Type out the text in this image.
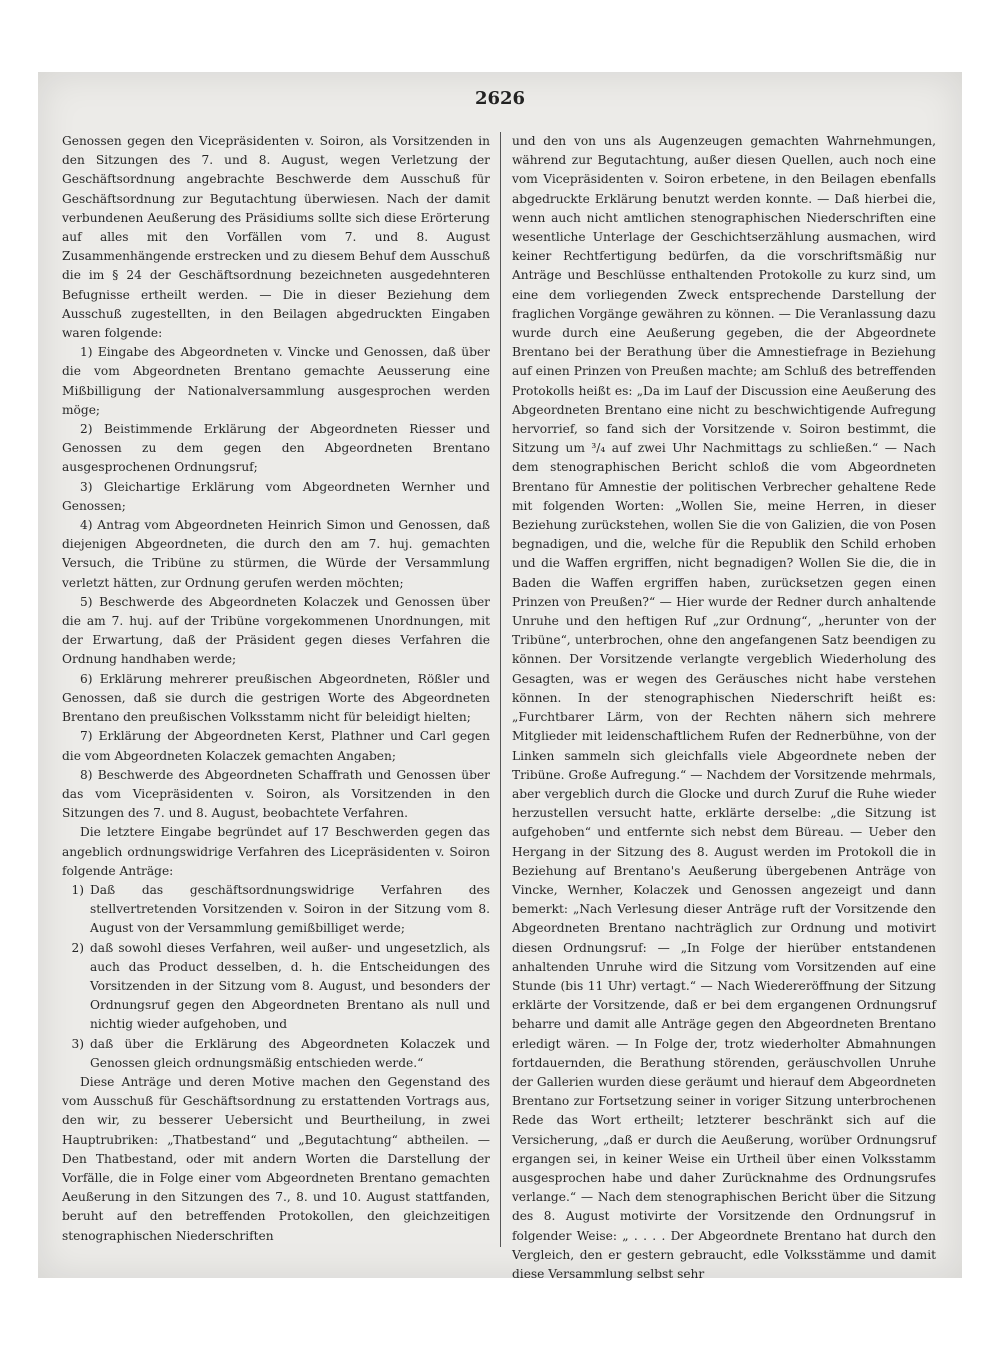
2626

Genossen gegen den Vicepräsidenten v. Soiron, als Vorsitzenden in den Sitzungen des 7. und 8. August, wegen Verletzung der Geschäftsordnung angebrachte Beschwerde dem Ausschuß für Geschäftsordnung zur Begutachtung überwiesen. Nach der damit verbundenen Aeußerung des Präsidiums sollte sich diese Erörterung auf alles mit den Vorfällen vom 7. und 8. August Zusammenhängende erstrecken und zu diesem Behuf dem Ausschuß die im § 24 der Geschäftsordnung bezeichneten ausgedehnteren Befugnisse ertheilt werden. — Die in dieser Beziehung dem Ausschuß zugestellten, in den Beilagen abgedruckten Eingaben waren folgende:

1) Eingabe des Abgeordneten v. Vincke und Genossen, daß über die vom Abgeordneten Brentano gemachte Aeusserung eine Mißbilligung der Nationalversammlung ausgesprochen werden möge;

2) Beistimmende Erklärung der Abgeordneten Riesser und Genossen zu dem gegen den Abgeordneten Brentano ausgesprochenen Ordnungsruf;

3) Gleichartige Erklärung vom Abgeordneten Wernher und Genossen;

4) Antrag vom Abgeordneten Heinrich Simon und Genossen, daß diejenigen Abgeordneten, die durch den am 7. huj. gemachten Versuch, die Tribüne zu stürmen, die Würde der Versammlung verletzt hätten, zur Ordnung gerufen werden möchten;

5) Beschwerde des Abgeordneten Kolaczek und Genossen über die am 7. huj. auf der Tribüne vorgekommenen Unordnungen, mit der Erwartung, daß der Präsident gegen dieses Verfahren die Ordnung handhaben werde;

6) Erklärung mehrerer preußischen Abgeordneten, Rößler und Genossen, daß sie durch die gestrigen Worte des Abgeordneten Brentano den preußischen Volksstamm nicht für beleidigt hielten;

7) Erklärung der Abgeordneten Kerst, Plathner und Carl gegen die vom Abgeordneten Kolaczek gemachten Angaben;

8) Beschwerde des Abgeordneten Schaffrath und Genossen über das vom Vicepräsidenten v. Soiron, als Vorsitzenden in den Sitzungen des 7. und 8. August, beobachtete Verfahren.

Die letztere Eingabe begründet auf 17 Beschwerden gegen das angeblich ordnungswidrige Verfahren des Licepräsidenten v. Soiron folgende Anträge:

1) Daß das geschäftsordnungswidrige Verfahren des stellvertretenden Vorsitzenden v. Soiron in der Sitzung vom 8. August von der Versammlung gemißbilliget werde;
2) daß sowohl dieses Verfahren, weil außer- und ungesetzlich, als auch das Product desselben, d. h. die Entscheidungen des Vorsitzenden in der Sitzung vom 8. August, und besonders der Ordnungsruf gegen den Abgeordneten Brentano als null und nichtig wieder aufgehoben, und
3) daß über die Erklärung des Abgeordneten Kolaczek und Genossen gleich ordnungsmäßig entschieden werde.“

Diese Anträge und deren Motive machen den Gegenstand des vom Ausschuß für Geschäftsordnung zu erstattenden Vortrags aus, den wir, zu besserer Uebersicht und Beurtheilung, in zwei Hauptrubriken: „Thatbestand“ und „Begutachtung“ abtheilen. — Den Thatbestand, oder mit andern Worten die Darstellung der Vorfälle, die in Folge einer vom Abgeordneten Brentano gemachten Aeußerung in den Sitzungen des 7., 8. und 10. August stattfanden, beruht auf den betreffenden Protokollen, den gleichzeitigen stenographischen Niederschriften

und den von uns als Augenzeugen gemachten Wahrnehmungen, während zur Begutachtung, außer diesen Quellen, auch noch eine vom Vicepräsidenten v. Soiron erbetene, in den Beilagen ebenfalls abgedruckte Erklärung benutzt werden konnte. — Daß hierbei die, wenn auch nicht amtlichen stenographischen Niederschriften eine wesentliche Unterlage der Geschichtserzählung ausmachen, wird keiner Rechtfertigung bedürfen, da die vorschriftsmäßig nur Anträge und Beschlüsse enthaltenden Protokolle zu kurz sind, um eine dem vorliegenden Zweck entsprechende Darstellung der fraglichen Vorgänge gewähren zu können. — Die Veranlassung dazu wurde durch eine Aeußerung gegeben, die der Abgeordnete Brentano bei der Berathung über die Amnestiefrage in Beziehung auf einen Prinzen von Preußen machte; am Schluß des betreffenden Protokolls heißt es: „Da im Lauf der Discussion eine Aeußerung des Abgeordneten Brentano eine nicht zu beschwichtigende Aufregung hervorrief, so fand sich der Vorsitzende v. Soiron bestimmt, die Sitzung um ³/₄ auf zwei Uhr Nachmittags zu schließen.“ — Nach dem stenographischen Bericht schloß die vom Abgeordneten Brentano für Amnestie der politischen Verbrecher gehaltene Rede mit folgenden Worten: „Wollen Sie, meine Herren, in dieser Beziehung zurückstehen, wollen Sie die von Galizien, die von Posen begnadigen, und die, welche für die Republik den Schild erhoben und die Waffen ergriffen, nicht begnadigen? Wollen Sie die, die in Baden die Waffen ergriffen haben, zurücksetzen gegen einen Prinzen von Preußen?“ — Hier wurde der Redner durch anhaltende Unruhe und den heftigen Ruf „zur Ordnung“, „herunter von der Tribüne“, unterbrochen, ohne den angefangenen Satz beendigen zu können. Der Vorsitzende verlangte vergeblich Wiederholung des Gesagten, was er wegen des Geräusches nicht habe verstehen können. In der stenographischen Niederschrift heißt es: „Furchtbarer Lärm, von der Rechten nähern sich mehrere Mitglieder mit leidenschaftlichem Rufen der Rednerbühne, von der Linken sammeln sich gleichfalls viele Abgeordnete neben der Tribüne. Große Aufregung.“ — Nachdem der Vorsitzende mehrmals, aber vergeblich durch die Glocke und durch Zuruf die Ruhe wieder herzustellen versucht hatte, erklärte derselbe: „die Sitzung ist aufgehoben“ und entfernte sich nebst dem Büreau. — Ueber den Hergang in der Sitzung des 8. August werden im Protokoll die in Beziehung auf Brentano's Aeußerung übergebenen Anträge von Vincke, Wernher, Kolaczek und Genossen angezeigt und dann bemerkt: „Nach Verlesung dieser Anträge ruft der Vorsitzende den Abgeordneten Brentano nachträglich zur Ordnung und motivirt diesen Ordnungsruf: — „In Folge der hierüber entstandenen anhaltenden Unruhe wird die Sitzung vom Vorsitzenden auf eine Stunde (bis 11 Uhr) vertagt.“ — Nach Wiedereröffnung der Sitzung erklärte der Vorsitzende, daß er bei dem ergangenen Ordnungsruf beharre und damit alle Anträge gegen den Abgeordneten Brentano erledigt wären. — In Folge der, trotz wiederholter Abmahnungen fortdauernden, die Berathung störenden, geräuschvollen Unruhe der Gallerien wurden diese geräumt und hierauf dem Abgeordneten Brentano zur Fortsetzung seiner in voriger Sitzung unterbrochenen Rede das Wort ertheilt; letzterer beschränkt sich auf die Versicherung, „daß er durch die Aeußerung, worüber Ordnungsruf ergangen sei, in keiner Weise ein Urtheil über einen Volksstamm ausgesprochen habe und daher Zurücknahme des Ordnungsrufes verlange.“ — Nach dem stenographischen Bericht über die Sitzung des 8. August motivirte der Vorsitzende den Ordnungsruf in folgender Weise: „ . . . . Der Abgeordnete Brentano hat durch den Vergleich, den er gestern gebraucht, edle Volksstämme und damit diese Versammlung selbst sehr
